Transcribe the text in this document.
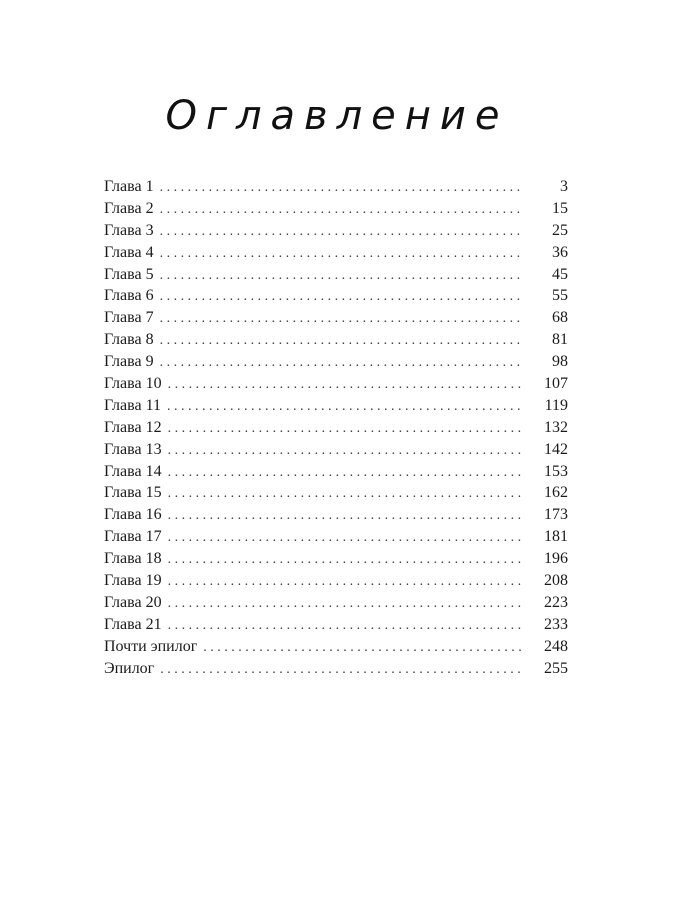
Оглавление
Глава 1 . . .	3
Глава 2 . . .	15
Глава 3 . . .	25
Глава 4 . . .	36
Глава 5 . . .	45
Глава 6 . . .	55
Глава 7 . . .	68
Глава 8 . . .	81
Глава 9 . . .	98
Глава 10 . . .	107
Глава 11 . . .	119
Глава 12 . . .	132
Глава 13 . . .	142
Глава 14 . . .	153
Глава 15 . . .	162
Глава 16 . . .	173
Глава 17 . . .	181
Глава 18 . . .	196
Глава 19 . . .	208
Глава 20 . . .	223
Глава 21 . . .	233
Почти эпилог . . .	248
Эпилог . . .	255
